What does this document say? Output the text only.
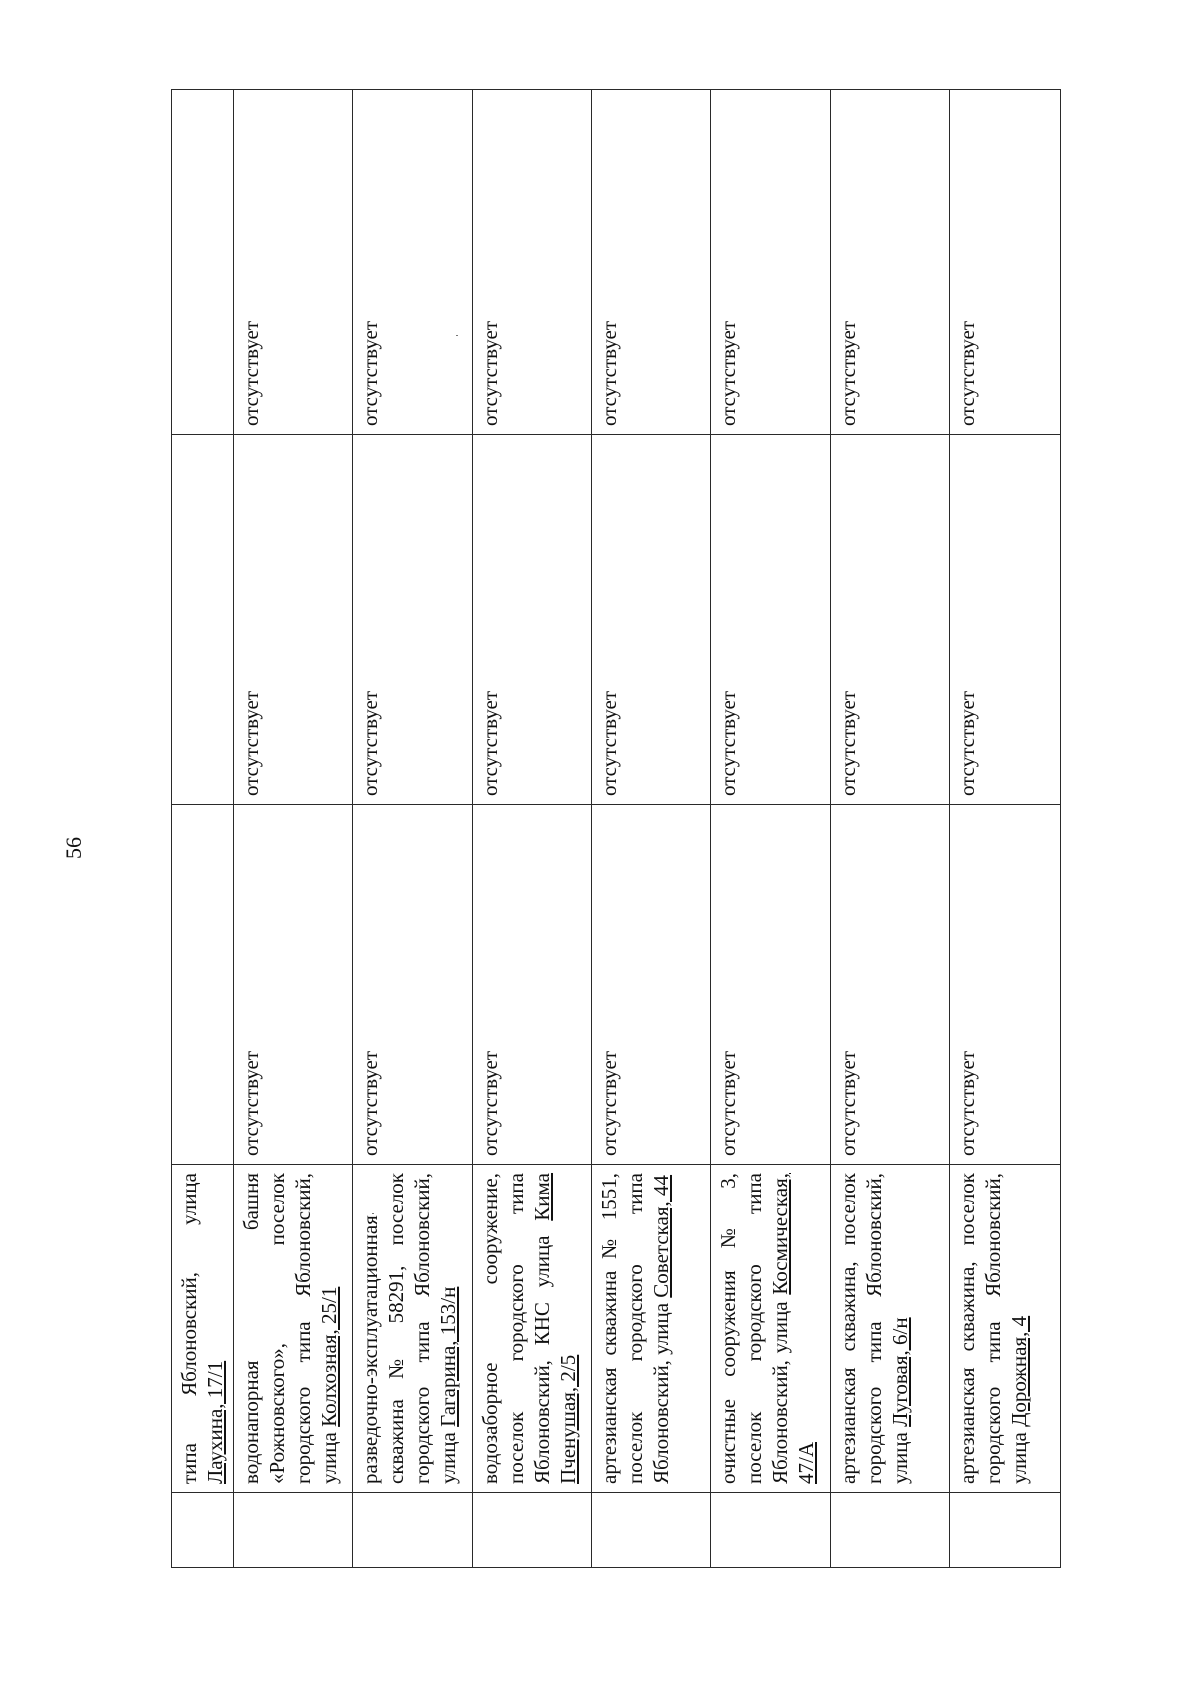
56
	типа Яблоновский, улица Лаухина, 17/1			
	водонапорная башня «Рожновского», поселок городского типа Яблоновский, улица Колхозная, 25/1	отсутствует	отсутствует	отсутствует
	разведочно-эксплуатационная скважина № 58291, поселок городского типа Яблоновский, улица Гагарина, 153/н	отсутствует	отсутствует	отсутствует
	водозаборное сооружение, поселок городского типа Яблоновский, КНС улица Кима Пченушая, 2/5	отсутствует	отсутствует	отсутствует
	артезианская скважина № 1551, поселок городского типа Яблоновский, улица Советская, 44	отсутствует	отсутствует	отсутствует
	очистные сооружения № 3, поселок городского типа Яблоновский, улица Космическая, 47/А	отсутствует	отсутствует	отсутствует
	артезианская скважина, поселок городского типа Яблоновский, улица Луговая, 6/н	отсутствует	отсутствует	отсутствует
	артезианская скважина, поселок городского типа Яблоновский, улица Дорожная, 4	отсутствует	отсутствует	отсутствует
